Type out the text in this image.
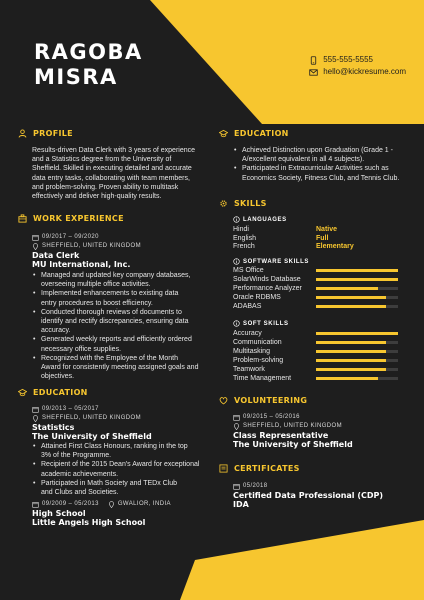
RAGOBA
MISRA
555-555-5555
hello@kickresume.com
PROFILE

Results-driven Data Clerk with 3 years of experience

and a Statistics degree from the University of

Sheffield. Skilled in executing detailed and accurate

data entry tasks, collaborating with team members,

and problem-solving. Proven ability to multitask

effectively and deliver high-quality results.

WORK EXPERIENCE
09/2017 – 09/2020
SHEFFIELD, UNITED KINGDOM
Data Clerk
MU International, Inc.
• Managed and updated key company databases,
overseeing multiple office activities.
• Implemented enhancements to existing data
entry procedures to boost efficiency.
• Conducted thorough reviews of documents to
identify and rectify discrepancies, ensuring data
accuracy.
• Generated weekly reports and efficiently ordered
necessary office supplies.
• Recognized with the Employee of the Month
Award for consistently meeting assigned goals and
objectives.
EDUCATION
09/2013 – 05/2017
SHEFFIELD, UNITED KINGDOM
Statistics
The University of Sheffield
• Attained First Class Honours, ranking in the top
3% of the Programme.
• Recipient of the 2015 Dean's Award for exceptional
academic achievements.
• Participated in Math Society and TEDx Club
and Clubs and Societies.
09/2009 – 05/2013	GWALIOR, INDIA
High School
Little Angels High School
EDUCATION
• Achieved Distinction upon Graduation (Grade 1 -
A/excellent equivalent in all 4 subjects).
• Participated in Extracurricular Activities such as
Economics Society, Fitness Club, and Tennis Club.
SKILLS
LANGUAGES
Hindi	Native
English	Full
French	Elementary
SOFTWARE SKILLS
MS Office
SolarWinds Database
Performance Analyzer
Oracle RDBMS
ADABAS
SOFT SKILLS
Accuracy
Communication
Multitasking
Problem-solving
Teamwork
Time Management
VOLUNTEERING
09/2015 – 05/2016
SHEFFIELD, UNITED KINGDOM
Class Representative
The University of Sheffield
CERTIFICATES
05/2018
Certified Data Professional (CDP)
IDA
